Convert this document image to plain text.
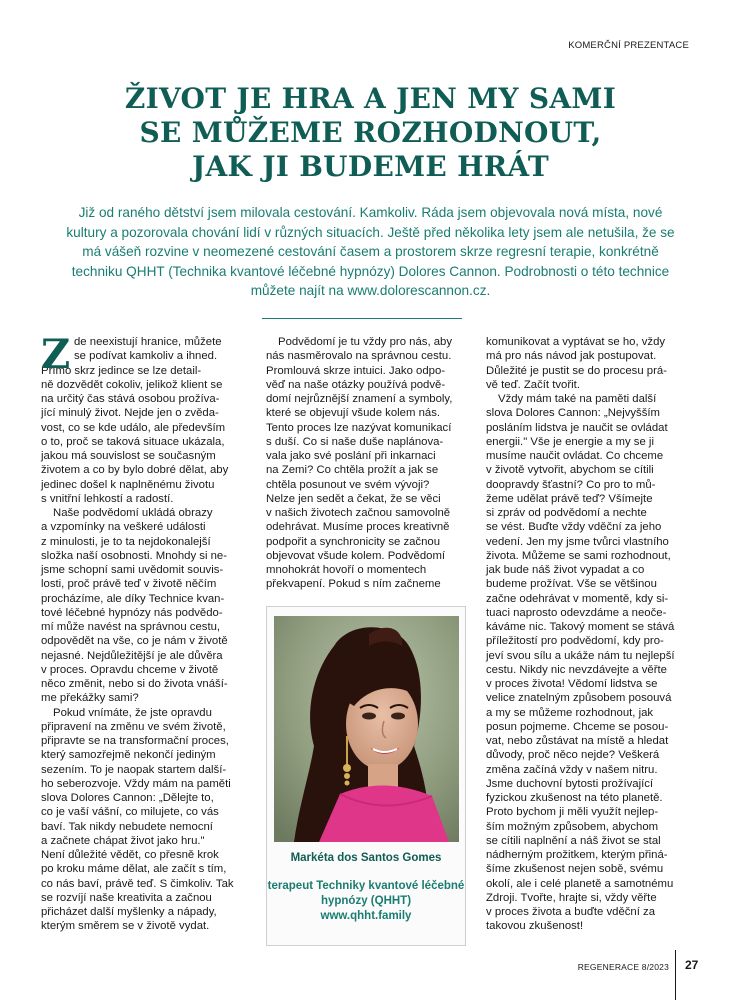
KOMERČNÍ PREZENTACE
ŽIVOT JE HRA A JEN MY SAMI
SE MŮŽEME ROZHODNOUT,
JAK JI BUDEME HRÁT
Již od raného dětství jsem milovala cestování. Kamkoliv. Ráda jsem objevovala nová místa, nové kultury a pozorovala chování lidí v různých situacích. Ještě před několika lety jsem ale netušila, že se má vášeň rozvine v neomezené cestování časem a prostorem skrze regresní terapie, konkrétně techniku QHHT (Technika kvantové léčebné hypnózy) Dolores Cannon. Podrobnosti o této technice můžete najít na www.dolorescannon.cz.
Z de neexistují hranice, můžete
se podívat kamkoliv a ihned.
Přímo skrz jedince se lze detail-
ně dozvědět cokoliv, jelikož klient se
na určitý čas stává osobou prožíva-
jící minulý život. Nejde jen o zvěda-
vost, co se kde událo, ale především
o to, proč se taková situace ukázala,
jakou má souvislost se současným
životem a co by bylo dobré dělat, aby
jedinec došel k naplněnému životu
s vnitřní lehkostí a radostí.
Naše podvědomí ukládá obrazy
a vzpomínky na veškeré události
z minulosti, je to ta nejdokonalejší
složka naší osobnosti. Mnohdy si ne-
jsme schopní sami uvědomit souvis-
losti, proč právě teď v životě něčím
procházíme, ale díky Technice kvan-
tové léčebné hypnózy nás podvědo-
mí může navést na správnou cestu,
odpovědět na vše, co je nám v životě
nejasné. Nejdůležitější je ale důvěra
v proces. Opravdu chceme v životě
něco změnit, nebo si do života vnáší-
me překážky sami?
Pokud vnímáte, že jste opravdu
připravení na změnu ve svém životě,
připravte se na transformační proces,
který samozřejmě nekončí jediným
sezením. To je naopak startem další-
ho seberozvoje. Vždy mám na paměti
slova Dolores Cannon: „Dělejte to,
co je vaší vášní, co milujete, co vás
baví. Tak nikdy nebudete nemocní
a začnete chápat život jako hru."
Není důležité vědět, co přesně krok
po kroku máme dělat, ale začít s tím,
co nás baví, právě teď. S čimkoliv. Tak
se rozvíjí naše kreativita a začnou
přicházet další myšlenky a nápady,
kterým směrem se v životě vydat.
Podvědomí je tu vždy pro nás, aby
nás nasměrovalo na správnou cestu.
Promlouvá skrze intuici. Jako odpo-
věď na naše otázky používá podvě-
domí nejrůznější znamení a symboly,
které se objevují všude kolem nás.
Tento proces lze nazývat komunikací
s duší. Co si naše duše naplánova-
vala jako své poslání při inkarnaci
na Zemi? Co chtěla prožít a jak se
chtěla posunout ve svém vývoji?
Nelze jen sedět a čekat, že se věci
v našich životech začnou samovolně
odehrávat. Musíme proces kreativně
podpořit a synchronicity se začnou
objevovat všude kolem. Podvědomí
mnohokrát hovoří o momentech
překvapení. Pokud s ním začneme
komunikovat a vyptávat se ho, vždy
má pro nás návod jak postupovat.
Důležité je pustit se do procesu prá-
vě teď. Začít tvořit.
Vždy mám také na paměti další
slova Dolores Cannon: „Nejvyšším
posláním lidstva je naučit se ovládat
energii." Vše je energie a my se ji
musíme naučit ovládat. Co chceme
v životě vytvořit, abychom se cítili
doopravdy šťastní? Co pro to mů-
žeme udělat právě teď? Všímejte
si zpráv od podvědomí a nechte
se vést. Buďte vždy vděční za jeho
vedení. Jen my jsme tvůrci vlastního
života. Můžeme se sami rozhodnout,
jak bude náš život vypadat a co
budeme prožívat. Vše se většinou
začne odehrávat v momentě, kdy si-
tuaci naprosto odevzdáme a neoče-
káváme nic. Takový moment se stává
příležitostí pro podvědomí, kdy pro-
jeví svou sílu a ukáže nám tu nejlepší
cestu. Nikdy nic nevzdávejte a věřte
v proces života! Vědomí lidstva se
velice znatelným způsobem posouvá
a my se můžeme rozhodnout, jak
posun pojmeme. Chceme se posou-
vat, nebo zůstávat na místě a hledat
důvody, proč něco nejde? Veškerá
změna začíná vždy v našem nitru.
Jsme duchovní bytosti prožívající
fyzickou zkušenost na této planetě.
Proto bychom ji měli využít nejlep-
ším možným způsobem, abychom
se cítili naplnění a náš život se stal
nádherným prožitkem, kterým přiná-
šíme zkušenost nejen sobě, svému
okolí, ale i celé planetě a samotnému
Zdroji. Tvořte, hrajte si, vždy věřte
v proces života a buďte vděční za
takovou zkušenost!
Markéta dos Santos Gomes
terapeut Techniky kvantové léčebné hypnózy (QHHT)
www.qhht.family
REGENERACE 8/2023 27
